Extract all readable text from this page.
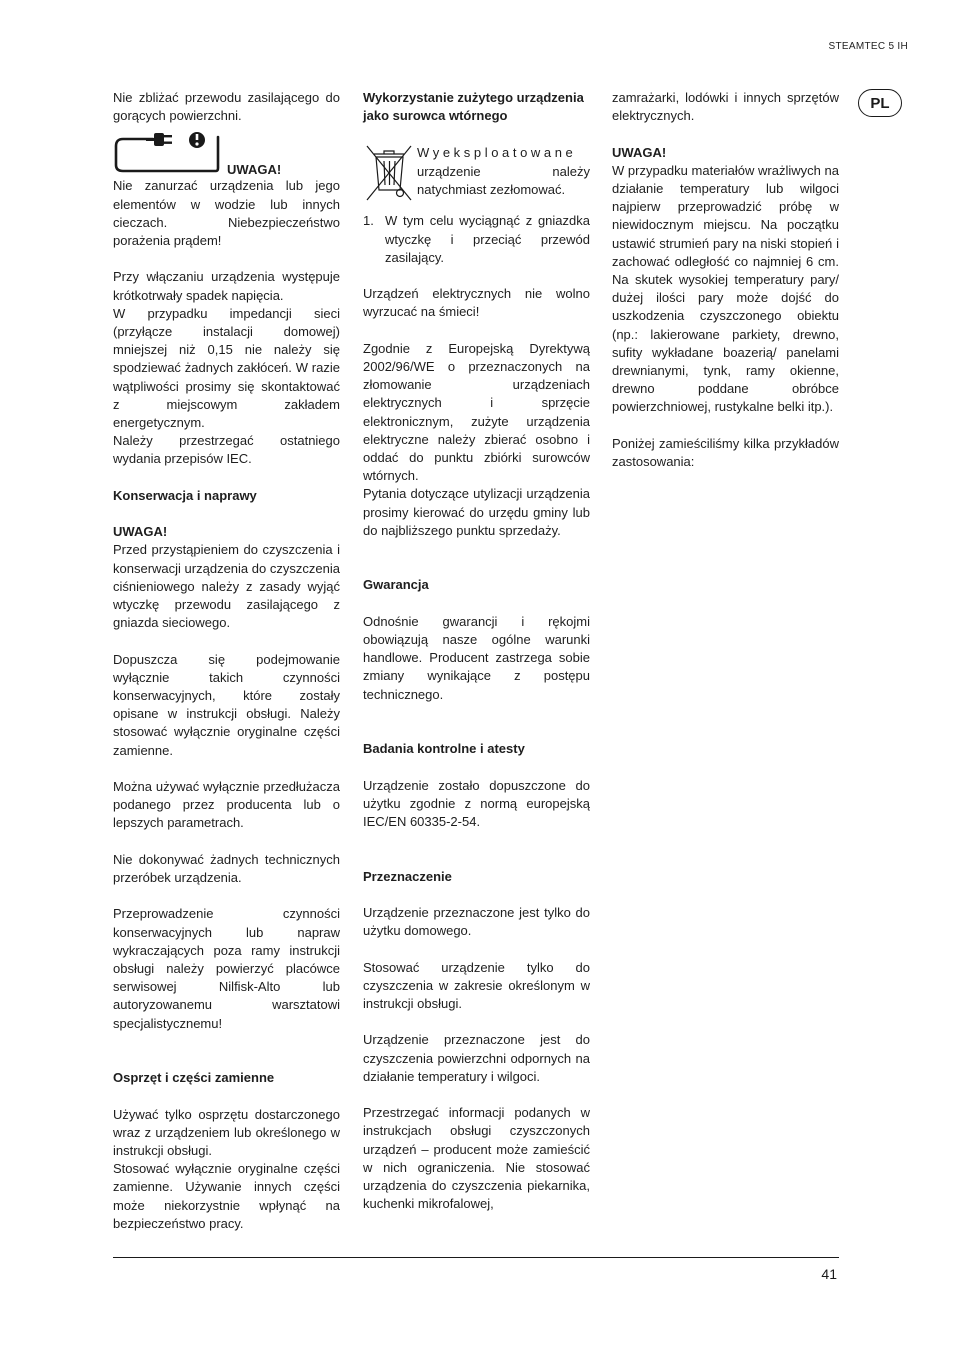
STEAMTEC 5 IH
PL

Nie zbliżać przewodu zasilającego do gorących powierzchni.

UWAGA!

Nie zanurzać urządzenia lub jego elementów w wodzie lub innych cieczach. Niebezpieczeństwo porażenia prądem!

Przy włączaniu urządzenia występuje krótkotrwały spadek napięcia.

W przypadku impedancji sieci (przyłącze instalacji domowej) mniejszej niż 0,15 nie należy się spodziewać żadnych zakłóceń. W razie wątpliwości prosimy się skontaktować z miejscowym zakładem energetycznym.

Należy przestrzegać ostatniego wydania przepisów IEC.

Konserwacja i naprawy
UWAGA!

Przed przystąpieniem do czyszczenia i konserwacji urządzenia do czyszczenia ciśnieniowego należy z zasady wyjąć wtyczkę przewodu zasilającego z gniazda sieciowego.

Dopuszcza się podejmowanie wyłącznie takich czynności konserwacyjnych, które zostały opisane w instrukcji obsługi. Należy stosować wyłącznie oryginalne części zamienne.

Można używać wyłącznie przedłużacza podanego przez producenta lub o lepszych parametrach.

Nie dokonywać żadnych technicznych przeróbek urządzenia.

Przeprowadzenie czynności konserwacyjnych lub napraw wykraczających poza ramy instrukcji obsługi należy powierzyć placówce serwisowej Nilfisk-Alto lub autoryzowanemu warsztatowi specjalistycznemu!

Osprzęt i części zamienne

Używać tylko osprzętu dostarczonego wraz z urządzeniem lub określonego w instrukcji obsługi.

Stosować wyłącznie oryginalne części zamienne. Używanie innych części może niekorzystnie wpłynąć na bezpieczeństwo pracy.

Wykorzystanie zużytego urządzenia jako surowca wtórnego

Wyeksploatowane urządzenie należy natychmiast zezłomować.

1. W tym celu wyciągnąć z gniazdka wtyczkę i przeciąć przewód zasilający.

Urządzeń elektrycznych nie wolno wyrzucać na śmieci!

Zgodnie z Europejską Dyrektywą 2002/96/WE o przeznaczonych na złomowanie urządzeniach elektrycznych i sprzęcie elektronicznym, zużyte urządzenia elektryczne należy zbierać osobno i oddać do punktu zbiórki surowców wtórnych.

Pytania dotyczące utylizacji urządzenia prosimy kierować do urzędu gminy lub do najbliższego punktu sprzedaży.

Gwarancja

Odnośnie gwarancji i rękojmi obowiązują nasze ogólne warunki handlowe. Producent zastrzega sobie zmiany wynikające z postępu technicznego.

Badania kontrolne i atesty

Urządzenie zostało dopuszczone do użytku zgodnie z normą europejską IEC/EN 60335-2-54.

Przeznaczenie

Urządzenie przeznaczone jest tylko do użytku domowego.

Stosować urządzenie tylko do czyszczenia w zakresie określonym w instrukcji obsługi.

Urządzenie przeznaczone jest do czyszczenia powierzchni odpornych na działanie temperatury i wilgoci.

Przestrzegać informacji podanych w instrukcjach obsługi czyszczonych urządzeń – producent może zamieścić w nich ograniczenia. Nie stosować urządzenia do czyszczenia piekarnika, kuchenki mikrofalowej,

zamrażarki, lodówki i innych sprzętów elektrycznych.

UWAGA!

W przypadku materiałów wrażliwych na działanie temperatury lub wilgoci najpierw przeprowadzić próbę w niewidocznym miejscu. Na początku ustawić strumień pary na niski stopień i zachować odległość co najmniej 6 cm. Na skutek wysokiej temperatury pary/ dużej ilości pary może dojść do uszkodzenia czyszczonego obiektu (np.: lakierowane parkiety, drewno, sufity wykładane boazerią/ panelami drewnianymi, tynk, ramy okienne, drewno poddane obróbce powierzchniowej, rustykalne belki itp.).

Poniżej zamieściliśmy kilka przykładów zastosowania:

41
